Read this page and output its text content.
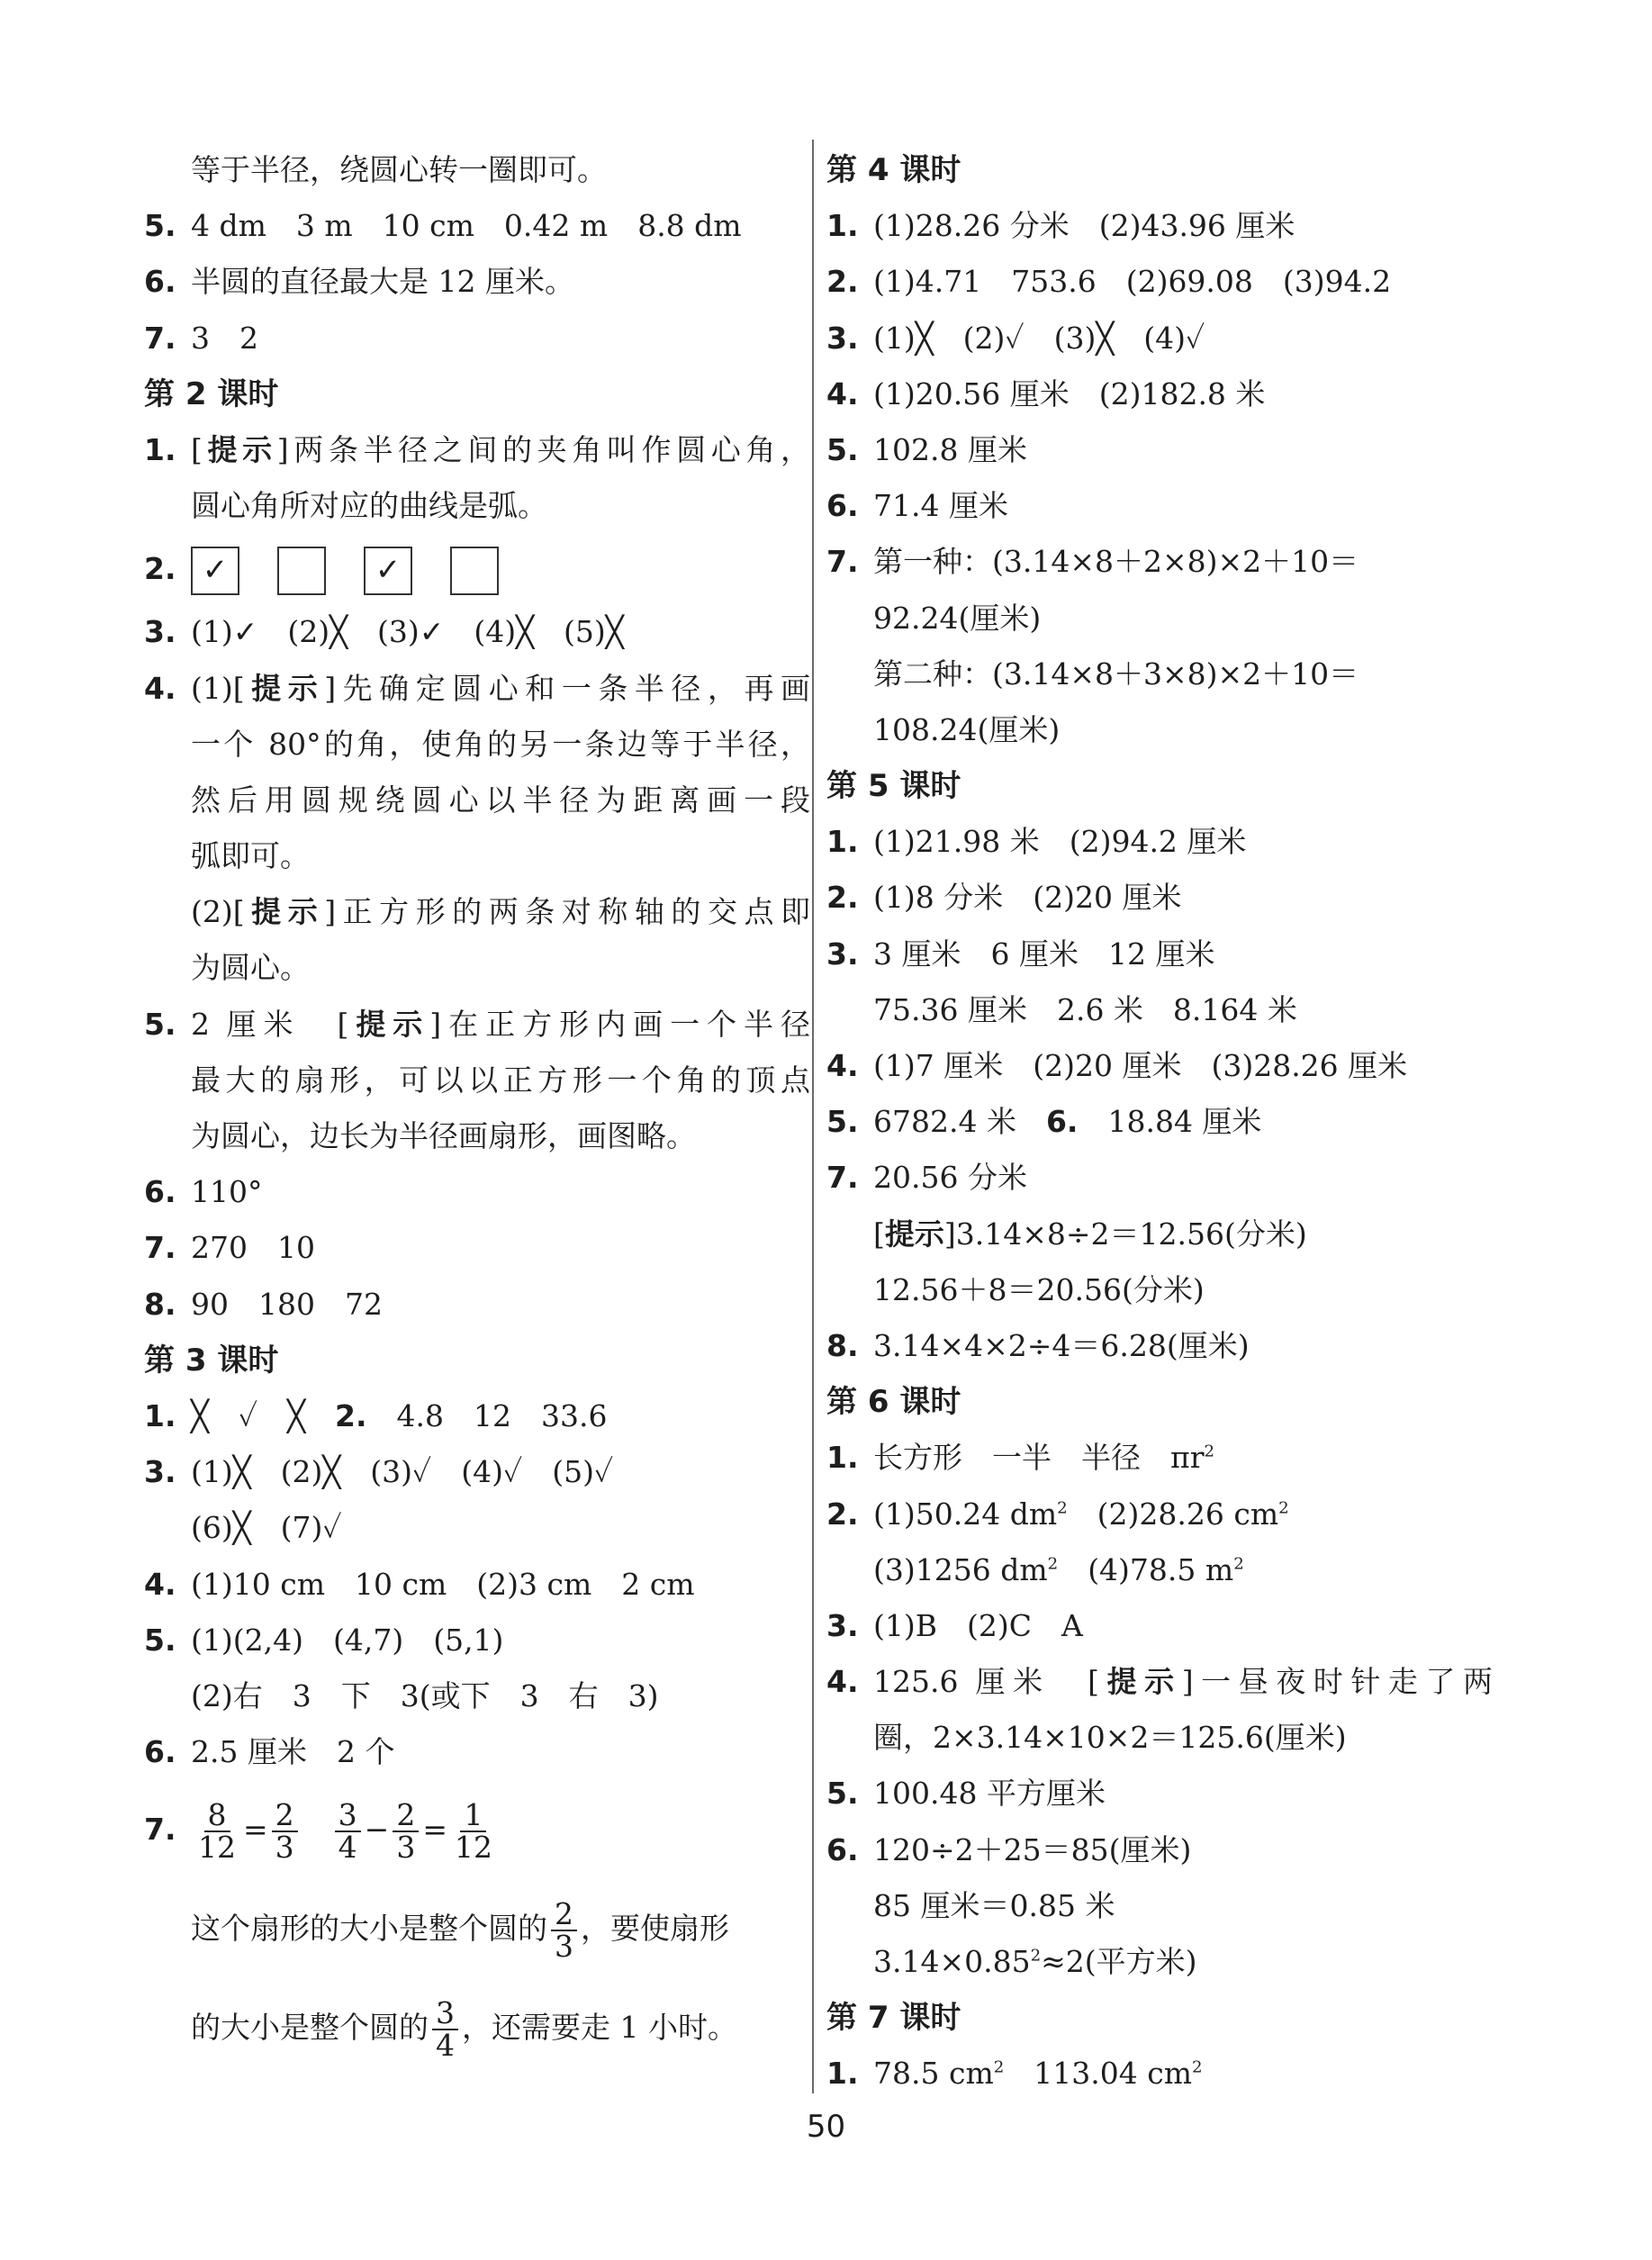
等于半径，绕圆心转一圈即可。
5. 4 dm　3 m　10 cm　0.42 m　8.8 dm
6. 半圆的直径最大是 12 厘米。
7. 3　2
第 2 课时
1. [提示]两条半径之间的夹角叫作圆心角，
圆心角所对应的曲线是弧。
2. ✓	✓
3. (1)✓　(2)╳　(3)✓　(4)╳　(5)╳
4. (1)[提示]先确定圆心和一条半径，再画
一个 80°的角，使角的另一条边等于半径，
然后用圆规绕圆心以半径为距离画一段
弧即可。
(2)[提示]正方形的两条对称轴的交点即
为圆心。
5. 2 厘米　[提示]在正方形内画一个半径
最大的扇形，可以以正方形一个角的顶点
为圆心，边长为半径画扇形，画图略。
6. 110°
7. 270　10
8. 90　180　72
第 3 课时
1. ╳　✓　╳　 2.　 4.8　12　33.6
3. (1)╳　(2)╳　(3)✓　(4)✓　(5)✓
(6)╳　(7)✓
4. (1)10 cm　10 cm　(2)3 cm　2 cm
5. (1)(2,4)　(4,7)　(5,1)
(2)右　3　下　3(或下　3　右　3)
6. 2.5 厘米　2 个
7. $\frac{8}{12} = \frac{2}{3}$
　 $\frac{3}{4} - \frac{2}{3} = \frac{1}{12}$
这个扇形的大小是整个圆的 $\frac{2}{3}$ ，要使扇形
的大小是整个圆的 $\frac{3}{4}$ ，还需要走 1 小时。
第 4 课时
1. (1)28.26 分米　(2)43.96 厘米
2. (1)4.71　753.6　(2)69.08　(3)94.2
3. (1)╳　(2)✓　(3)╳　(4)✓
4. (1)20.56 厘米　(2)182.8 米
5. 102.8 厘米
6. 71.4 厘米
7. 第一种：(3.14×8＋2×8)×2＋10＝
92.24(厘米)
第二种：(3.14×8＋3×8)×2＋10＝
108.24(厘米)
第 5 课时
1. (1)21.98 米　(2)94.2 厘米
2. (1)8 分米　(2)20 厘米
3. 3 厘米　6 厘米　12 厘米
75.36 厘米　2.6 米　8.164 米
4. (1)7 厘米　(2)20 厘米　(3)28.26 厘米
5. 6782.4 米　 6.　 18.84 厘米
7. 20.56 分米
[提示]3.14×8÷2＝12.56(分米)
12.56＋8＝20.56(分米)
8. 3.14×4×2÷4＝6.28(厘米)
第 6 课时
1. 长方形　一半　半径　$\pi r^2$
2. (1)50.24 $dm^2$　(2)28.26 $cm^2$
(3)1256 $dm^2$　(4)78.5 $m^2$
3. (1)B　(2)C　A
4. 125.6 厘米　[提示]一昼夜时针走了两
圈，2×3.14×10×2＝125.6(厘米)
5. 100.48 平方厘米
6. 120÷2＋25＝85(厘米)
85 厘米＝0.85 米
$3.14\times 0.85^2\approx 2$(平方米)
第 7 课时
1. 78.5 $cm^2$　113.04 $cm^2$
50
